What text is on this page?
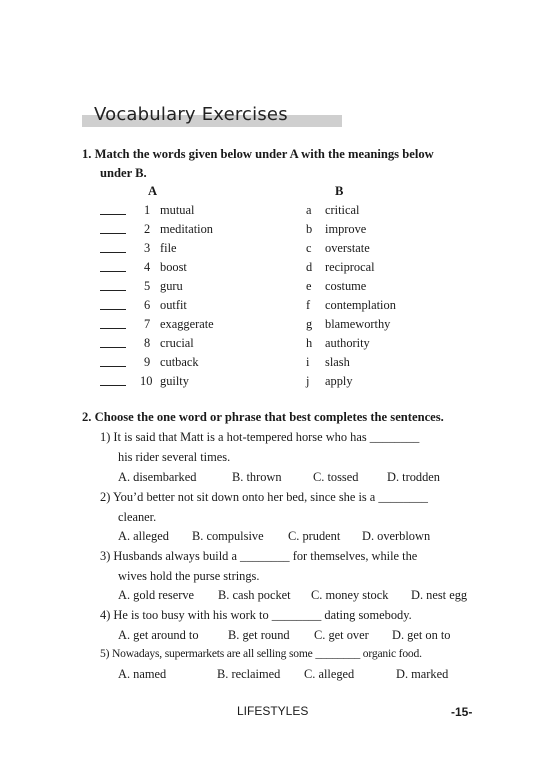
Vocabulary Exercises
1. Match the words given below under A with the meanings below
under B.
A	B
1 mutual	a critical
2 meditation	b improve
3 file	c overstate
4 boost	d reciprocal
5 guru	e costume
6 outfit	f contemplation
7 exaggerate	g blameworthy
8 crucial	h authority
9 cutback	i slash
10 guilty	j apply
2. Choose the one word or phrase that best completes the sentences.
1) It is said that Matt is a hot-tempered horse who has ________
his rider several times.
A. disembarked	B. thrown	C. tossed D. trodden
2) You’d better not sit down onto her bed, since she is a ________
cleaner.
A. alleged B. compulsive C. prudent D. overblown
3) Husbands always build a ________ for themselves, while the
wives hold the purse strings.
A. gold reserve B. cash pocket C. money stock D. nest egg
4) He is too busy with his work to ________ dating somebody.
A. get around to B. get round C. get over D. get on to
5) Nowadays, supermarkets are all selling some ________ organic food.
A. named	B. reclaimed C. alleged	D. marked
LIFESTYLES	-15-
